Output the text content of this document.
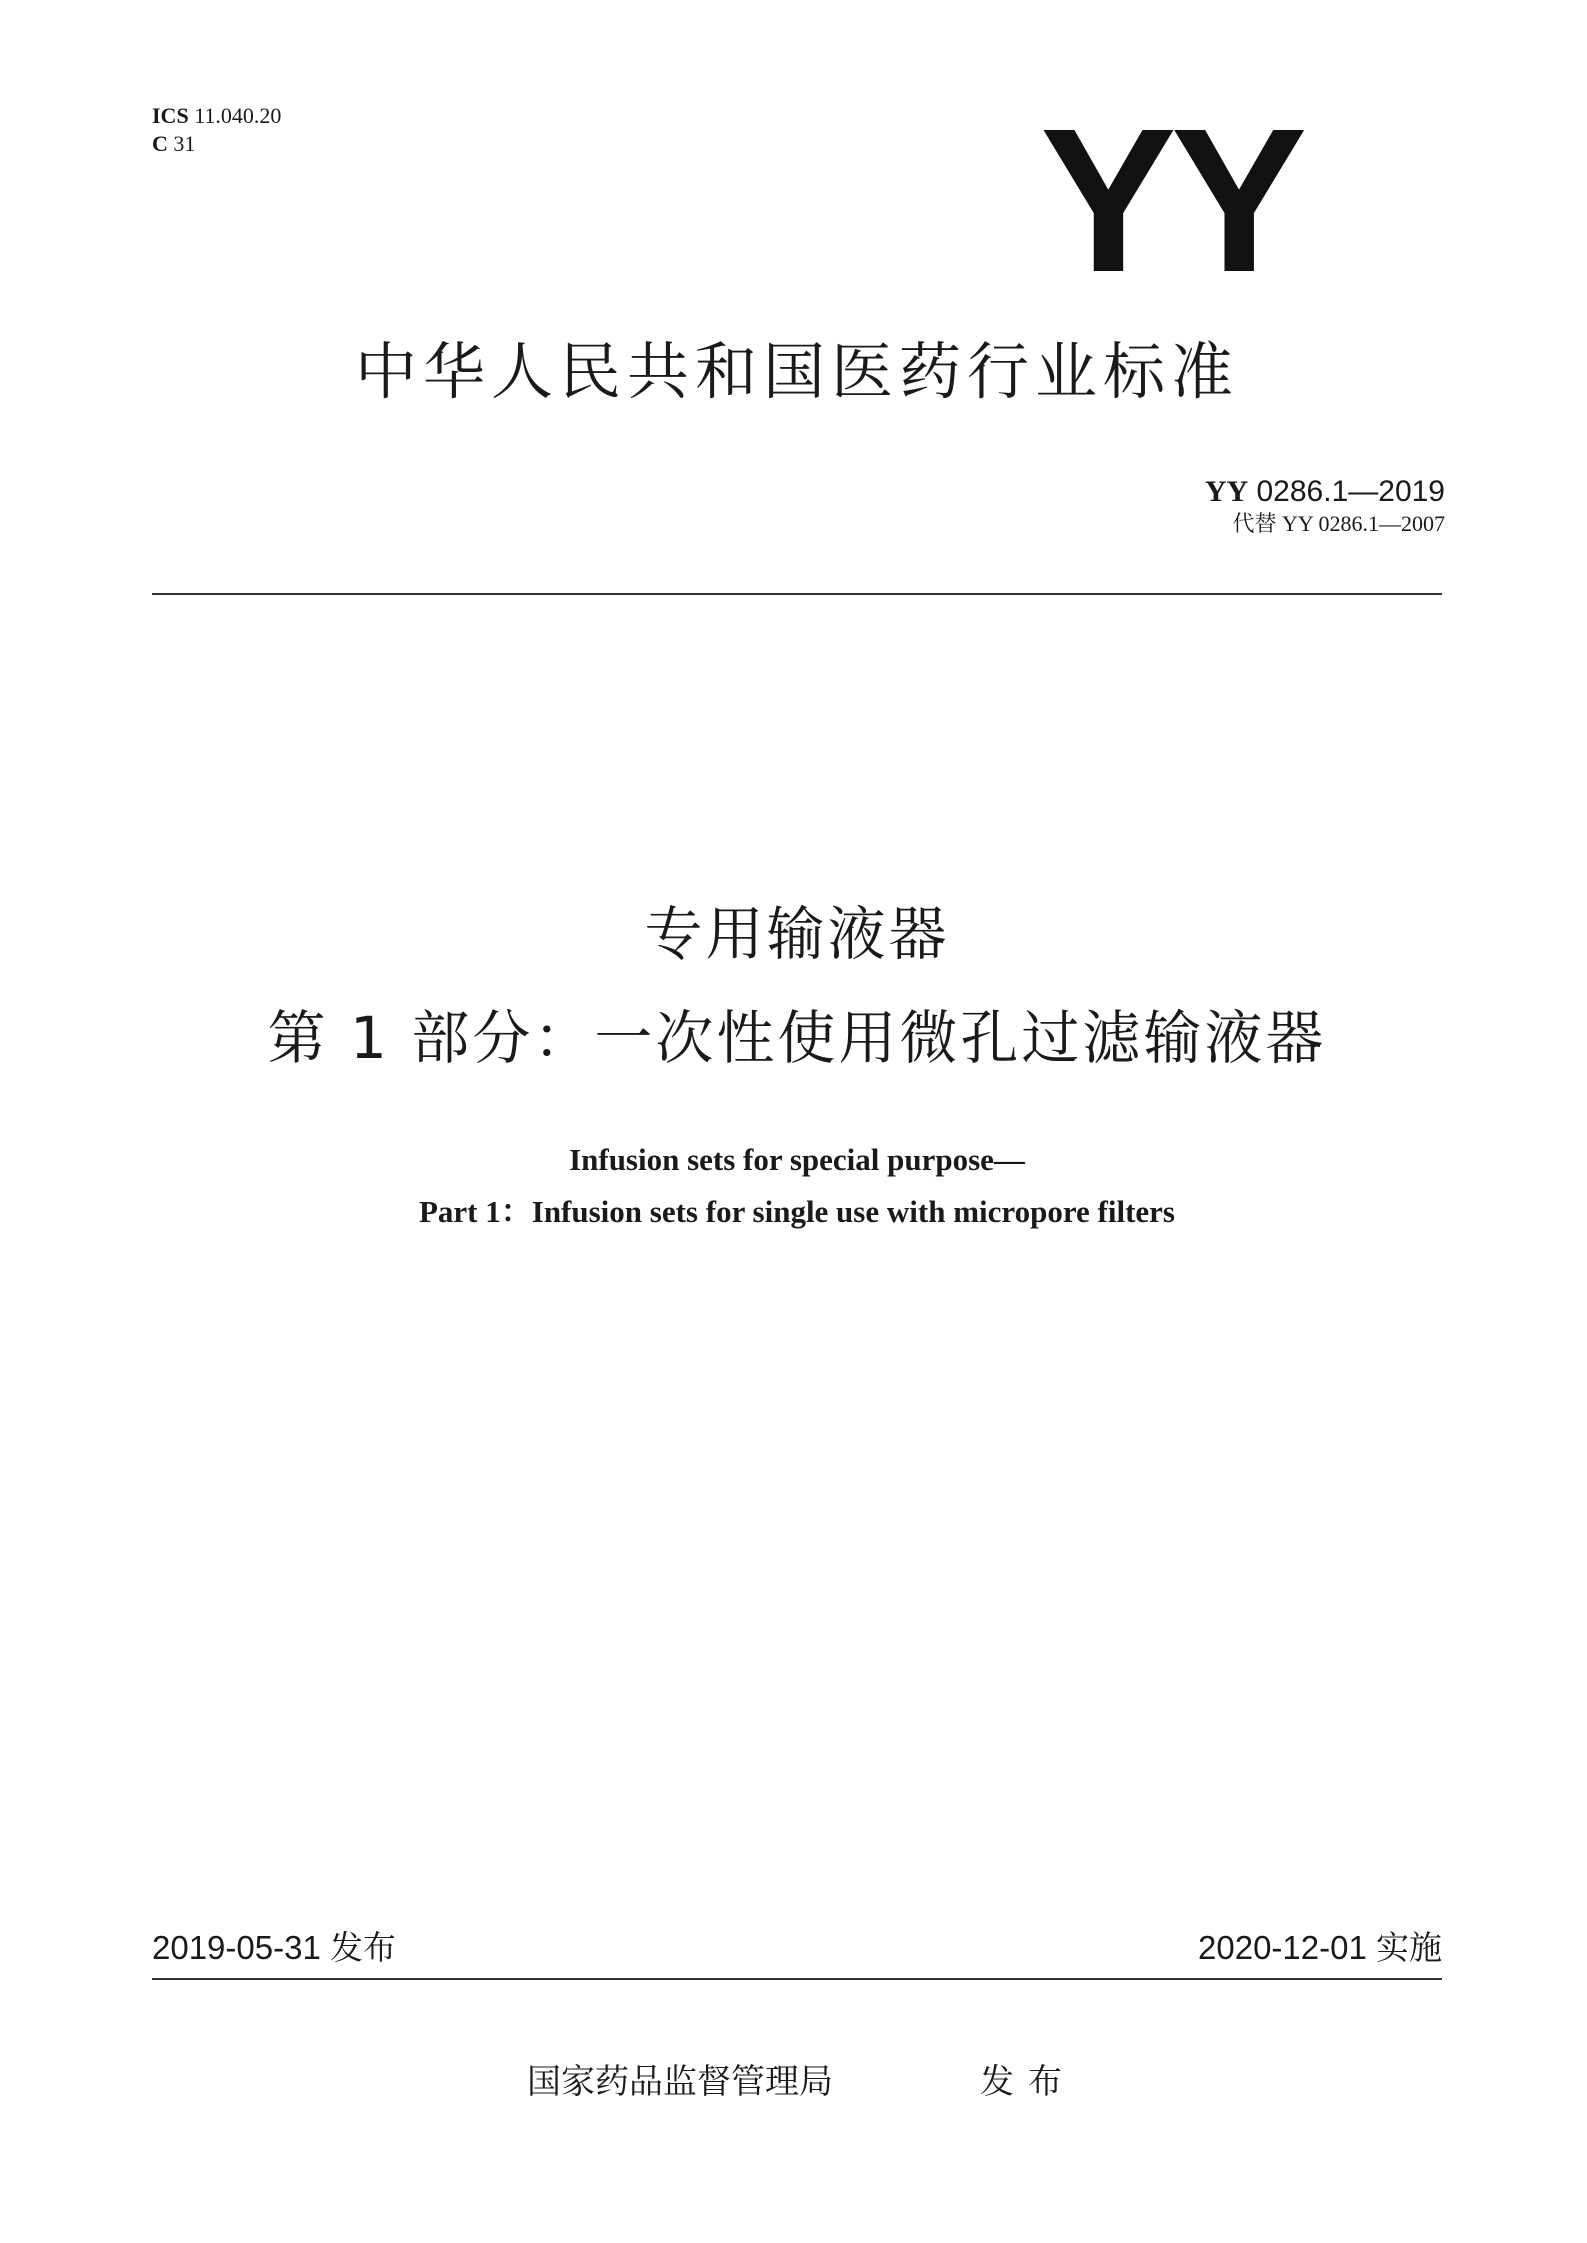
ICS 11.040.20
C 31	YY
中华人民共和国医药行业标准
YY 0286.1—2019
代替 YY 0286.1—2007
专用输液器
第 1 部分：一次性使用微孔过滤输液器
Infusion sets for special purpose—
Part 1：Infusion sets for single use with micropore filters
2019-05-31 发布	2020-12-01 实施
国家药品监督管理局	发布
